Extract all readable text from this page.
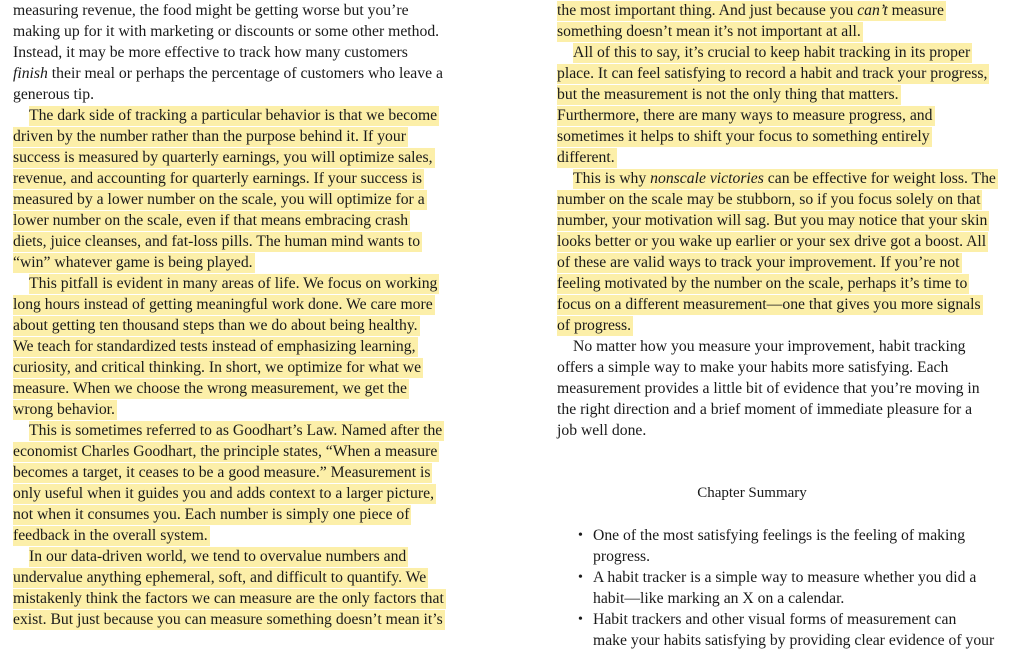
measuring revenue, the food might be getting worse but you’re
making up for it with marketing or discounts or some other method.
Instead, it may be more effective to track how many customers
finish their meal or perhaps the percentage of customers who leave a
generous tip.
The dark side of tracking a particular behavior is that we become
driven by the number rather than the purpose behind it. If your
success is measured by quarterly earnings, you will optimize sales,
revenue, and accounting for quarterly earnings. If your success is
measured by a lower number on the scale, you will optimize for a
lower number on the scale, even if that means embracing crash
diets, juice cleanses, and fat-loss pills. The human mind wants to
“win” whatever game is being played.
This pitfall is evident in many areas of life. We focus on working
long hours instead of getting meaningful work done. We care more
about getting ten thousand steps than we do about being healthy.
We teach for standardized tests instead of emphasizing learning,
curiosity, and critical thinking. In short, we optimize for what we
measure. When we choose the wrong measurement, we get the
wrong behavior.
This is sometimes referred to as Goodhart’s Law. Named after the
economist Charles Goodhart, the principle states, “When a measure
becomes a target, it ceases to be a good measure.” Measurement is
only useful when it guides you and adds context to a larger picture,
not when it consumes you. Each number is simply one piece of
feedback in the overall system.
In our data-driven world, we tend to overvalue numbers and
undervalue anything ephemeral, soft, and difficult to quantify. We
mistakenly think the factors we can measure are the only factors that
exist. But just because you can measure something doesn’t mean it’s
the most important thing. And just because you can’t measure
something doesn’t mean it’s not important at all.
All of this to say, it’s crucial to keep habit tracking in its proper
place. It can feel satisfying to record a habit and track your progress,
but the measurement is not the only thing that matters.
Furthermore, there are many ways to measure progress, and
sometimes it helps to shift your focus to something entirely
different.
This is why nonscale victories can be effective for weight loss. The
number on the scale may be stubborn, so if you focus solely on that
number, your motivation will sag. But you may notice that your skin
looks better or you wake up earlier or your sex drive got a boost. All
of these are valid ways to track your improvement. If you’re not
feeling motivated by the number on the scale, perhaps it’s time to
focus on a different measurement—one that gives you more signals
of progress.
No matter how you measure your improvement, habit tracking
offers a simple way to make your habits more satisfying. Each
measurement provides a little bit of evidence that you’re moving in
the right direction and a brief moment of immediate pleasure for a
job well done.
Chapter Summary
• One of the most satisfying feelings is the feeling of making
progress.
• A habit tracker is a simple way to measure whether you did a
habit—like marking an X on a calendar.
• Habit trackers and other visual forms of measurement can
make your habits satisfying by providing clear evidence of your
